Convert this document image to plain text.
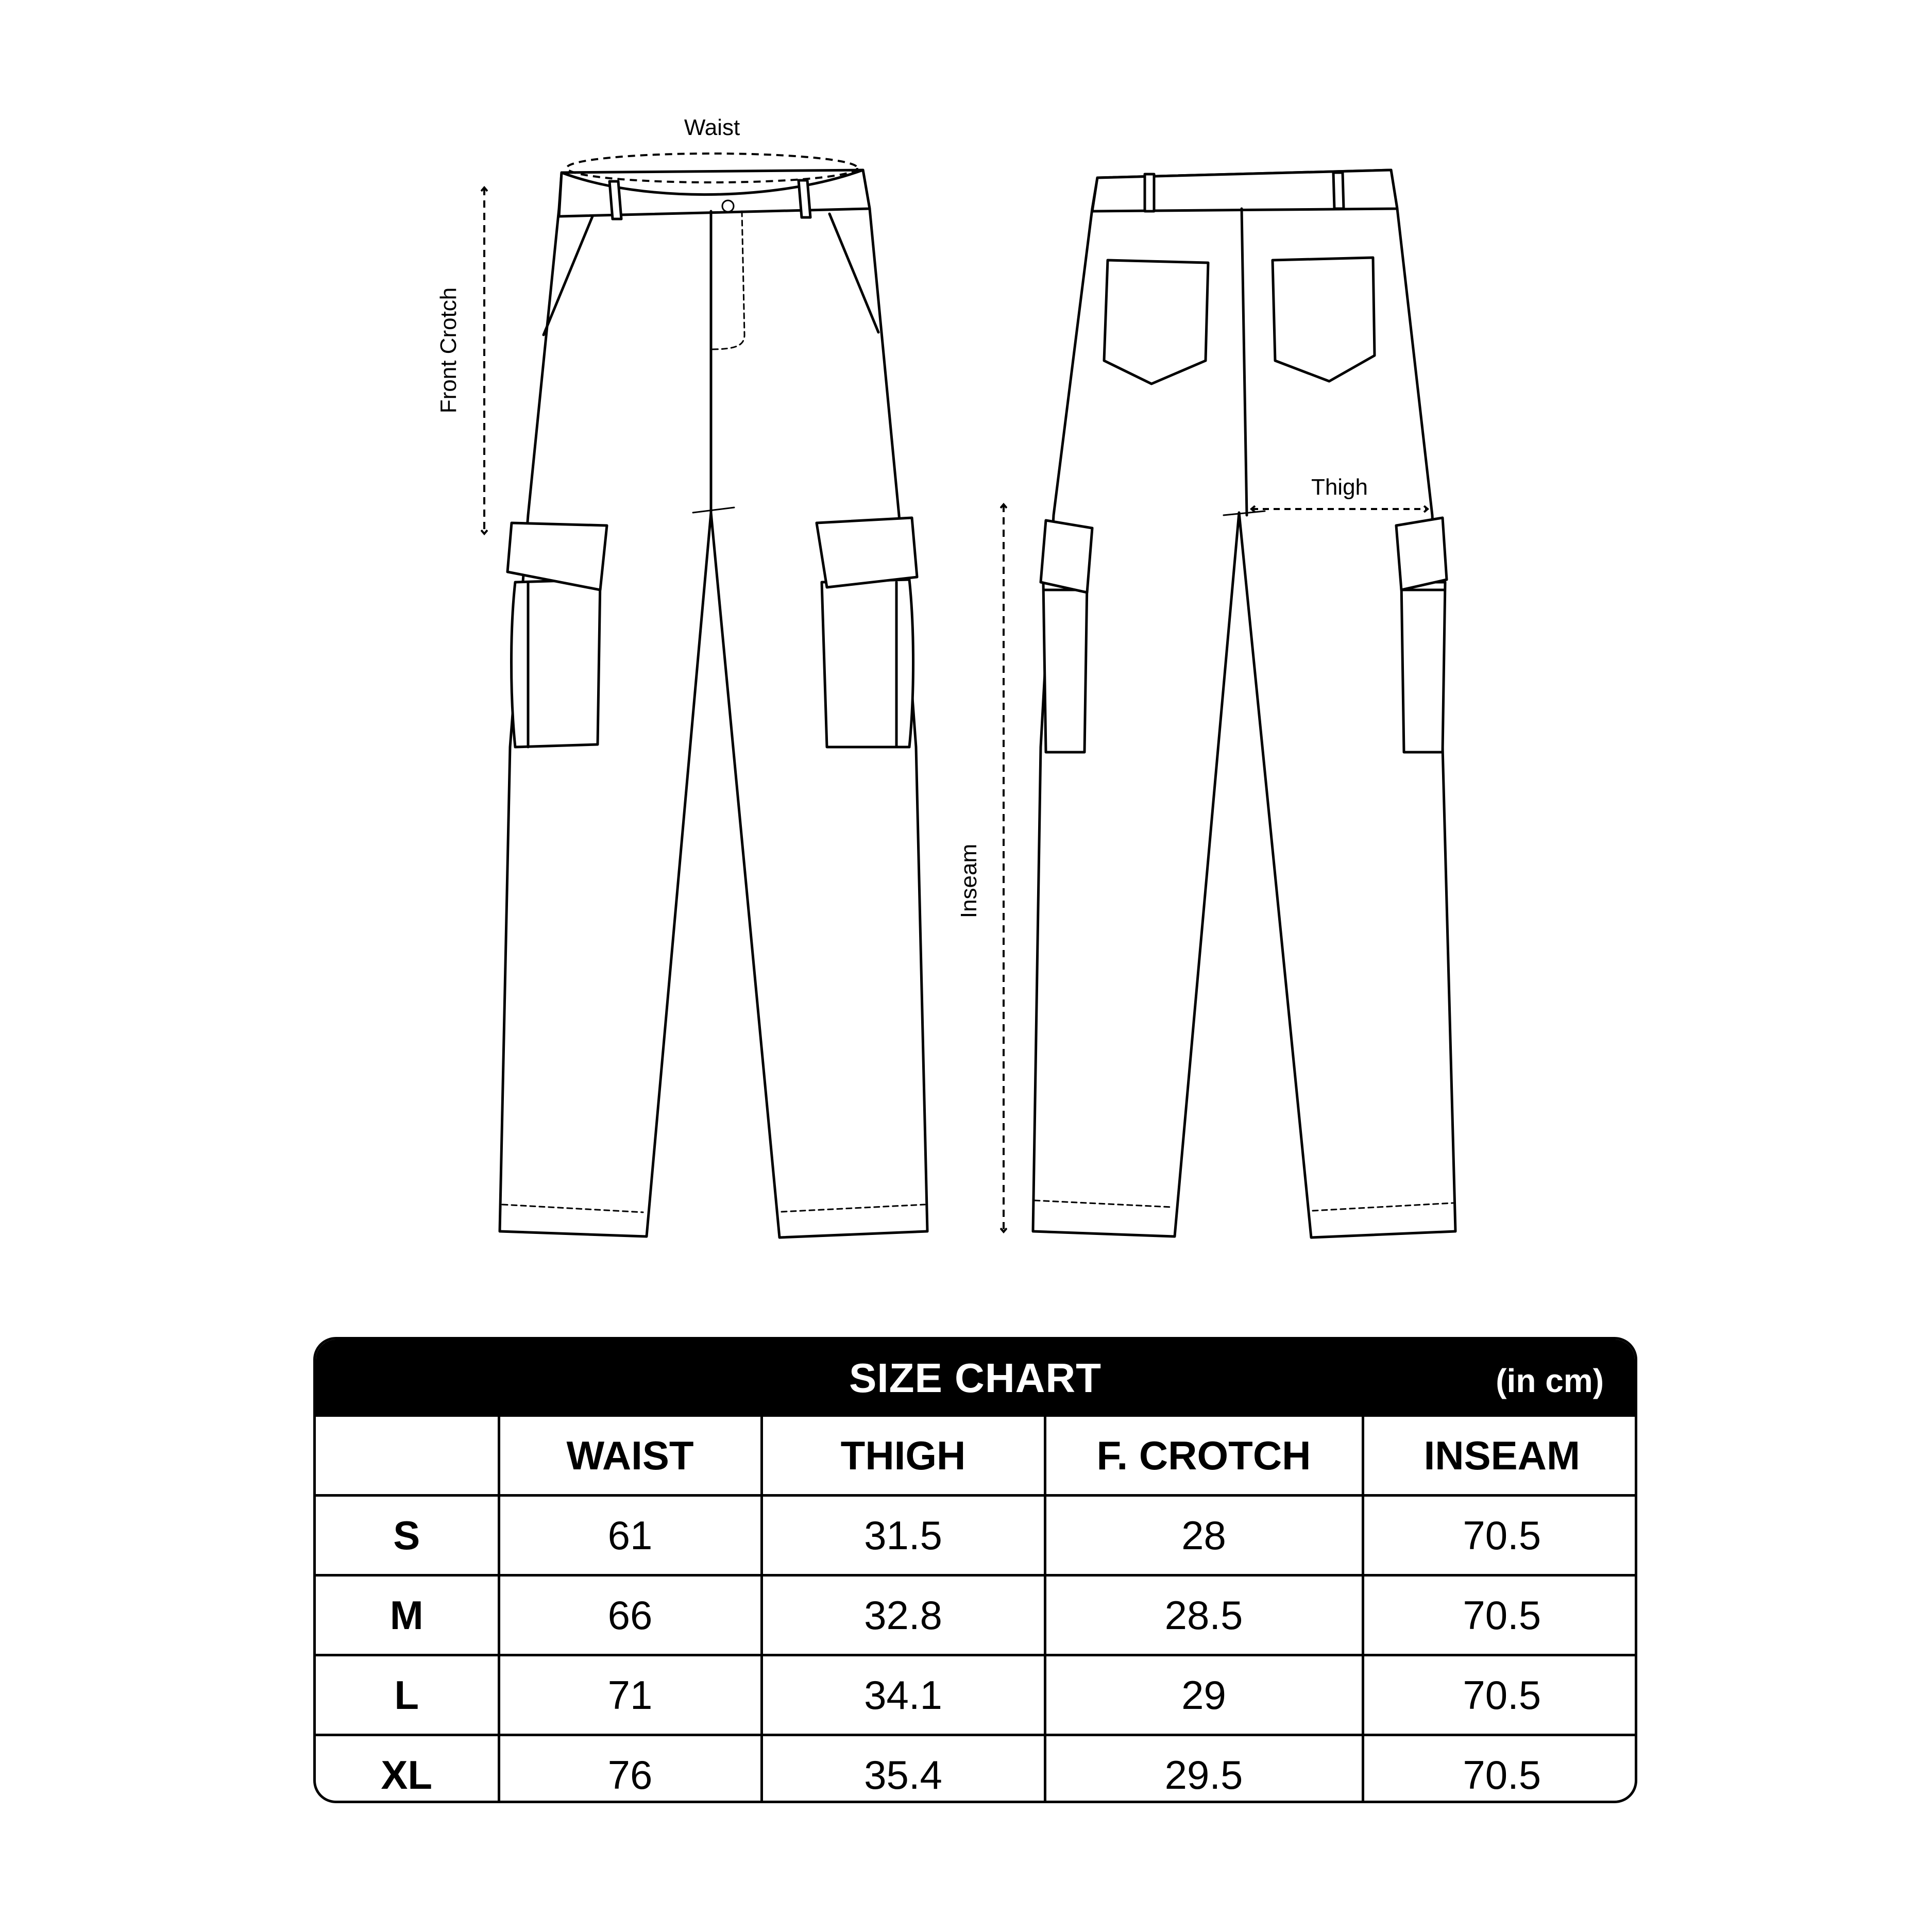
Waist
Front Crotch
Thigh
Inseam
SIZE CHART	(in cm)
	WAIST	THIGH	F. CROTCH	INSEAM
S	61	31.5	28	70.5
M	66	32.8	28.5	70.5
L	71	34.1	29	70.5
XL	76	35.4	29.5	70.5
